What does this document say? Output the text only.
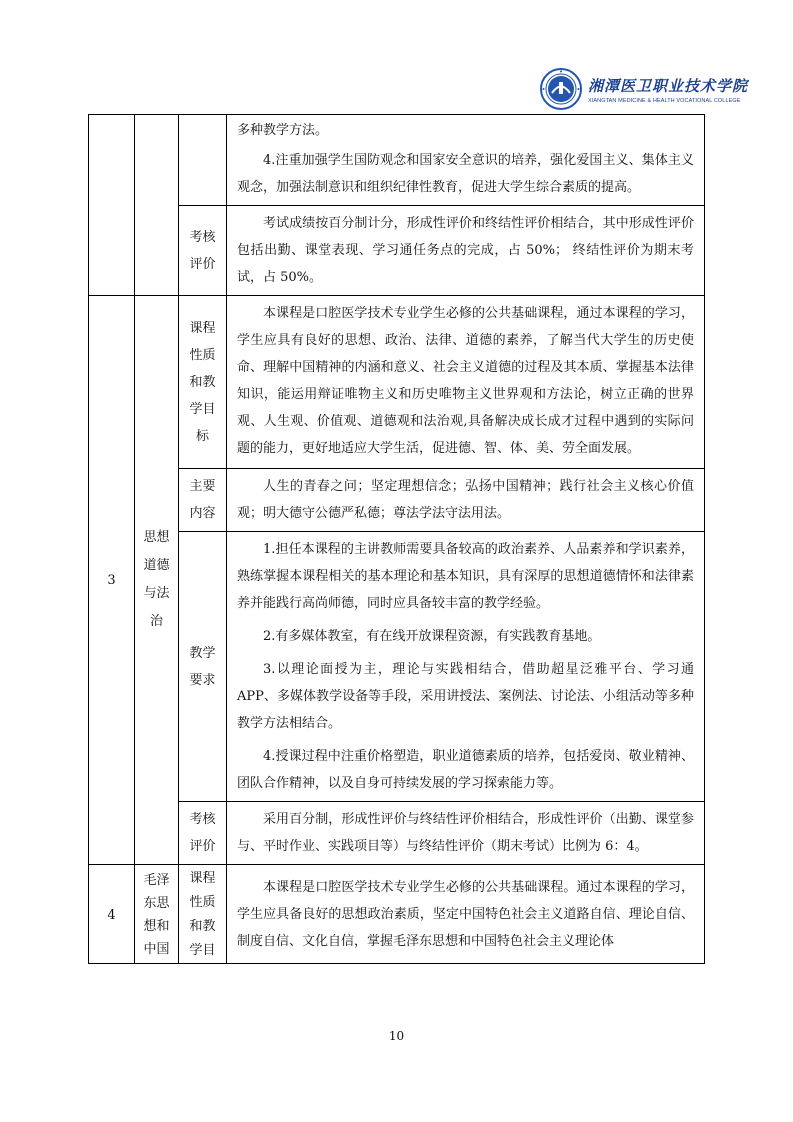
湘潭医卫职业技术学院
XIANGTAN MEDICINE & HEALTH VOCATIONAL COLLEGE

			多种教学方法。

4.注重加强学生国防观念和国家安全意识的培养，强化爱国主义、集体主义观念，加强法制意识和组织纪律性教育，促进大学生综合素质的提高。

		考核评价	考试成绩按百分制计分，形成性评价和终结性评价相结合，其中形成性评价包括出勤、课堂表现、学习通任务点的完成，占 50%； 终结性评价为期末考试，占 50%。

3	思想道德与法治	课程性质和教学目标	本课程是口腔医学技术专业学生必修的公共基础课程，通过本课程的学习，学生应具有良好的思想、政治、法律、道德的素养，了解当代大学生的历史使命、理解中国精神的内涵和意义、社会主义道德的过程及其本质、掌握基本法律知识，能运用辩证唯物主义和历史唯物主义世界观和方法论，树立正确的世界观、人生观、价值观、道德观和法治观,具备解决成长成才过程中遇到的实际问题的能力，更好地适应大学生活，促进德、智、体、美、劳全面发展。

		主要内容	人生的青春之问；坚定理想信念；弘扬中国精神；践行社会主义核心价值观；明大德守公德严私德；尊法学法守法用法。

		教学要求	1.担任本课程的主讲教师需要具备较高的政治素养、人品素养和学识素养，熟练掌握本课程相关的基本理论和基本知识，具有深厚的思想道德情怀和法律素养并能践行高尚师德，同时应具备较丰富的教学经验。

2.有多媒体教室，有在线开放课程资源，有实践教育基地。

3.以理论面授为主，理论与实践相结合，借助超星泛雅平台、学习通 APP、多媒体教学设备等手段，采用讲授法、案例法、讨论法、小组活动等多种教学方法相结合。

4.授课过程中注重价格塑造，职业道德素质的培养，包括爱岗、敬业精神、团队合作精神，以及自身可持续发展的学习探索能力等。

		考核评价	采用百分制，形成性评价与终结性评价相结合，形成性评价（出勤、课堂参与、平时作业、实践项目等）与终结性评价（期末考试）比例为 6：4。

4	毛泽东思想和中国	课程性质和教学目	本课程是口腔医学技术专业学生必修的公共基础课程。通过本课程的学习，学生应具备良好的思想政治素质，坚定中国特色社会主义道路自信、理论自信、制度自信、文化自信，掌握毛泽东思想和中国特色社会主义理论体

10
